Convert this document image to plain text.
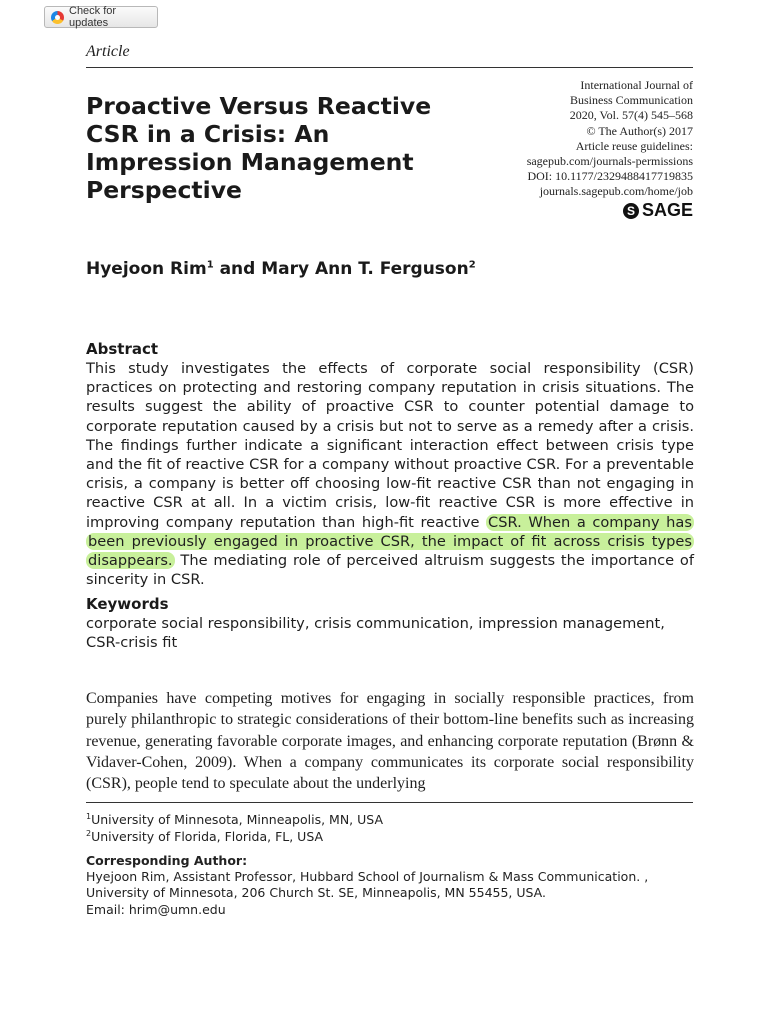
Check for updates
Article
Proactive Versus Reactive CSR in a Crisis: An Impression Management Perspective
International Journal of
Business Communication
2020, Vol. 57(4) 545–568
© The Author(s) 2017
Article reuse guidelines:
sagepub.com/journals-permissions
DOI: 10.1177/2329488417719835
journals.sagepub.com/home/job
S SAGE
Hyejoon Rim$^1$ and Mary Ann T. Ferguson$^2$
Abstract

This study investigates the effects of corporate social responsibility (CSR) practices on protecting and restoring company reputation in crisis situations. The results suggest the ability of proactive CSR to counter potential damage to corporate reputation caused by a crisis but not to serve as a remedy after a crisis. The findings further indicate a significant interaction effect between crisis type and the fit of reactive CSR for a company without proactive CSR. For a preventable crisis, a company is better off choosing low-fit reactive CSR than not engaging in reactive CSR at all. In a victim crisis, low-fit reactive CSR is more effective in improving company reputation than high-fit reactive CSR. When a company has been previously engaged in proactive CSR, the impact of fit across crisis types disappears. The mediating role of perceived altruism suggests the importance of sincerity in CSR.

Keywords

corporate social responsibility, crisis communication, impression management, CSR-crisis fit

Companies have competing motives for engaging in socially responsible practices, from purely philanthropic to strategic considerations of their bottom-line benefits such as increasing revenue, generating favorable corporate images, and enhancing corporate reputation (Brønn & Vidaver-Cohen, 2009). When a company communicates its corporate social responsibility (CSR), people tend to speculate about the underlying

$^1$University of Minnesota, Minneapolis, MN, USA
$^2$University of Florida, Florida, FL, USA
Corresponding Author:
Hyejoon Rim, Assistant Professor, Hubbard School of Journalism & Mass Communication. , University of Minnesota, 206 Church St. SE, Minneapolis, MN 55455, USA.
Email: hrim@umn.edu
